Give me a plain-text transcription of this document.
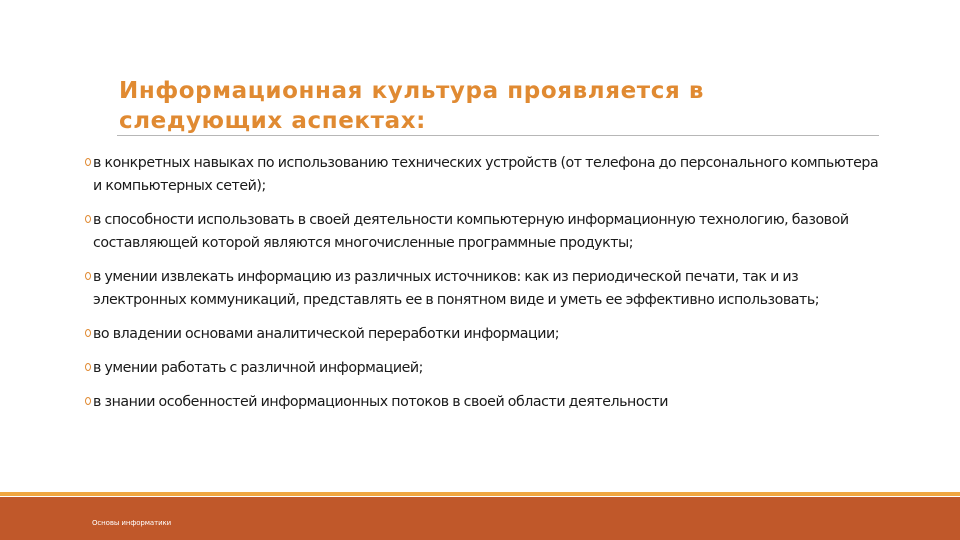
Информационная культура проявляется в следующих аспектах:
в конкретных навыках по использованию технических устройств (от телефона до персонального компьютера и компьютерных сетей);
в способности использовать в своей деятельности компьютерную информационную технологию, базовой составляющей которой являются многочисленные программные продукты;
в умении извлекать информацию из различных источников: как из периодической печати, так и из электронных коммуникаций, представлять ее в понятном виде и уметь ее эффективно использовать;
во владении основами аналитической переработки информации;
в умении работать с различной информацией;
в знании особенностей информационных потоков в своей области деятельности
Основы информатики
